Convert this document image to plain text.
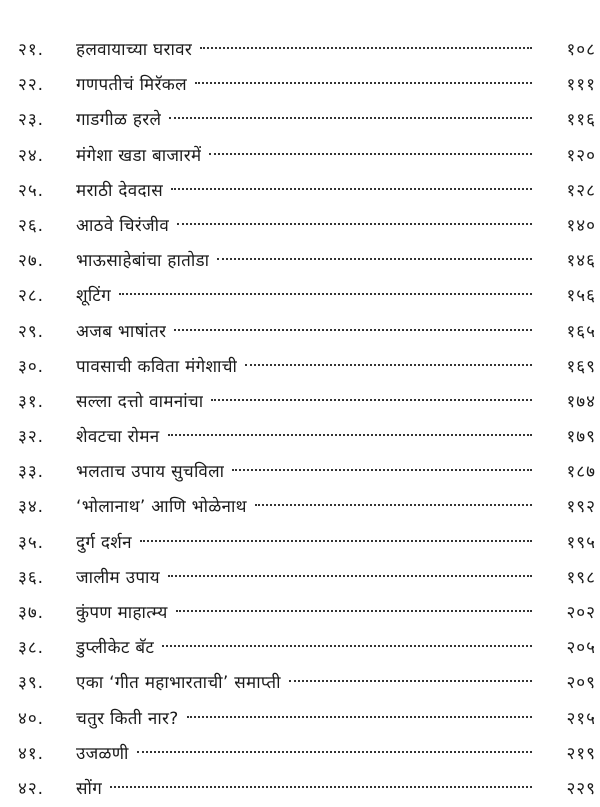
२१.	हलवायाच्या घरावर	१०८
२२.	गणपतीचं मिरॅकल	१११
२३.	गाडगीळ हरले	११६
२४.	मंगेशा खडा बाजारमें	१२०
२५.	मराठी देवदास	१२८
२६.	आठवे चिरंजीव	१४०
२७.	भाऊसाहेबांचा हातोडा	१४६
२८.	शूटिंग	१५६
२९.	अजब भाषांतर	१६५
३०.	पावसाची कविता मंगेशाची	१६९
३१.	सल्ला दत्तो वामनांचा	१७४
३२.	शेवटचा रोमन	१७९
३३.	भलताच उपाय सुचविला	१८७
३४.	‘भोलानाथ’ आणि भोळेनाथ	१९२
३५.	दुर्ग दर्शन	१९५
३६.	जालीम उपाय	१९८
३७.	कुंपण माहात्म्य	२०२
३८.	डुप्लीकेट बॅट	२०५
३९.	एका ‘गीत महाभारताची’ समाप्ती	२०९
४०.	चतुर किती नार?	२१५
४१.	उजळणी	२१९
४२.	सोंग	२२९
